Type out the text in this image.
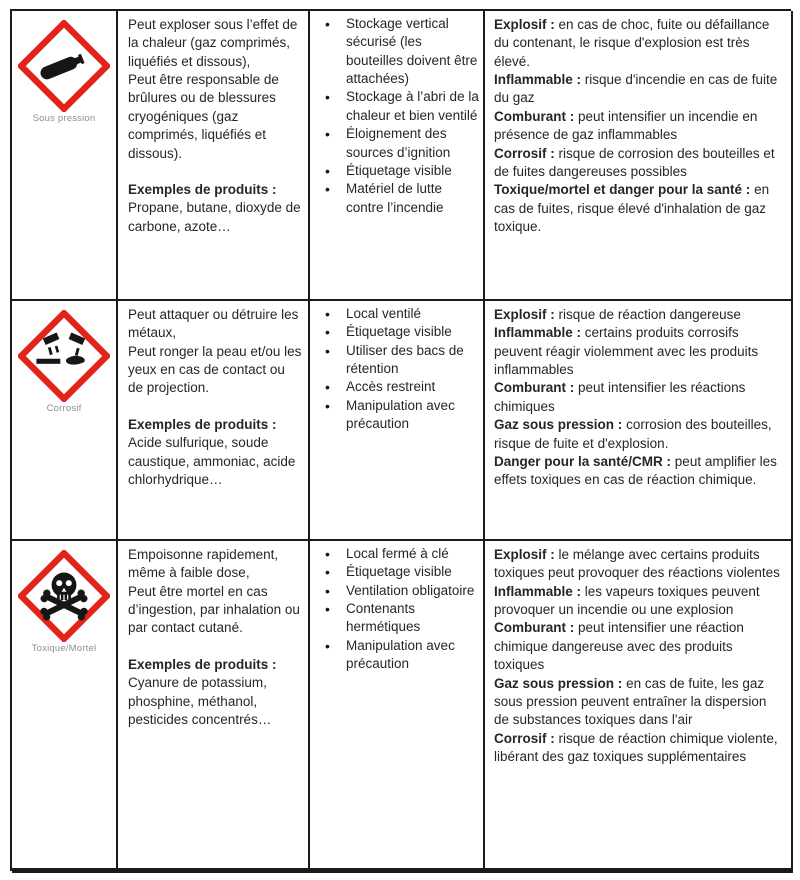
Sous pression
Peut exploser sous l’effet de la chaleur (gaz comprimés, liquéfiés et dissous),
Peut être responsable de brûlures ou de blessures cryogéniques (gaz comprimés, liquéfiés et dissous).
Exemples de produits :
Propane, butane, dioxyde de carbone, azote…
• Stockage vertical sécurisé (les bouteilles doivent être attachées)
• Stockage à l’abri de la chaleur et bien ventilé
• Éloignement des sources d’ignition
• Étiquetage visible
• Matériel de lutte contre l’incendie
Explosif : en cas de choc, fuite ou défaillance du contenant, le risque d'explosion est très élevé.
Inflammable : risque d'incendie en cas de fuite du gaz
Comburant : peut intensifier un incendie en présence de gaz inflammables
Corrosif : risque de corrosion des bouteilles et de fuites dangereuses possibles
Toxique/mortel et danger pour la santé : en cas de fuites, risque élevé d'inhalation de gaz toxique.
Corrosif
Peut attaquer ou détruire les métaux,
Peut ronger la peau et/ou les yeux en cas de contact ou de projection.
Exemples de produits :
Acide sulfurique, soude caustique, ammoniac, acide chlorhydrique…
• Local ventilé
• Étiquetage visible
• Utiliser des bacs de rétention
• Accès restreint
• Manipulation avec précaution
Explosif : risque de réaction dangereuse
Inflammable : certains produits corrosifs peuvent réagir violemment avec les produits inflammables
Comburant : peut intensifier les réactions chimiques
Gaz sous pression : corrosion des bouteilles, risque de fuite et d'explosion.
Danger pour la santé/CMR : peut amplifier les effets toxiques en cas de réaction chimique.
Toxique/Mortel
Empoisonne rapidement, même à faible dose,
Peut être mortel en cas d’ingestion, par inhalation ou par contact cutané.
Exemples de produits :
Cyanure de potassium, phosphine, méthanol, pesticides concentrés…
• Local fermé à clé
• Étiquetage visible
• Ventilation obligatoire
• Contenants hermétiques
• Manipulation avec précaution
Explosif : le mélange avec certains produits toxiques peut provoquer des réactions violentes
Inflammable : les vapeurs toxiques peuvent provoquer un incendie ou une explosion
Comburant : peut intensifier une réaction chimique dangereuse avec des produits toxiques
Gaz sous pression : en cas de fuite, les gaz sous pression peuvent entraîner la dispersion de substances toxiques dans l'air
Corrosif : risque de réaction chimique violente, libérant des gaz toxiques supplémentaires
